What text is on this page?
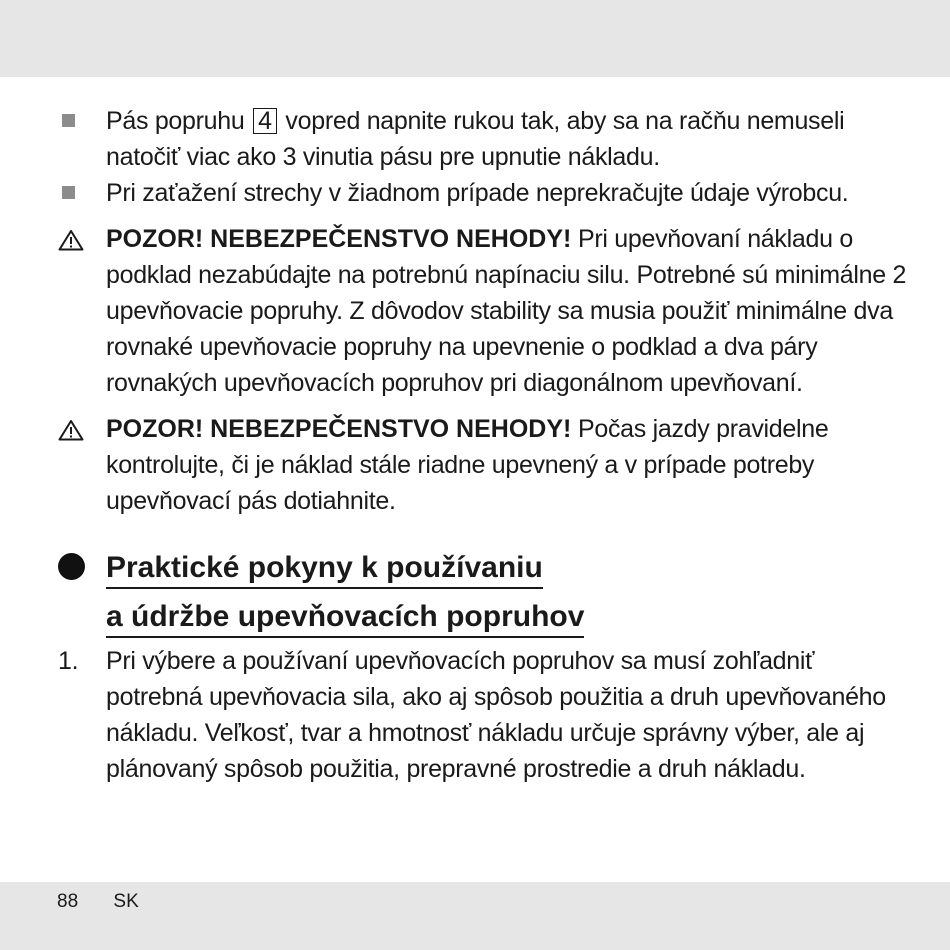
Pás popruhu 4 vopred napnite rukou tak, aby sa na račňu nemuseli natočiť viac ako 3 vinutia pásu pre upnutie nákladu.
Pri zaťažení strechy v žiadnom prípade neprekračujte údaje výrobcu.
POZOR! NEBEZPEČENSTVO NEHODY! Pri upevňovaní nákladu o podklad nezabúdajte na potrebnú napínaciu silu. Potrebné sú minimálne 2 upevňovacie popruhy. Z dôvodov stability sa musia použiť minimálne dva rovnaké upevňovacie popruhy na upevnenie o podklad a dva páry rovnakých upevňovacích popruhov pri diagonálnom upevňovaní.
POZOR! NEBEZPEČENSTVO NEHODY! Počas jazdy pravidelne kontrolujte, či je náklad stále riadne upevnený a v prípade potreby upevňovací pás dotiahnite.
Praktické pokyny k používaniu
a údržbe upevňovacích popruhov
1. Pri výbere a používaní upevňovacích popruhov sa musí zohľadniť potrebná upevňovacia sila, ako aj spôsob použitia a druh upevňovaného nákladu. Veľkosť, tvar a hmotnosť nákladu určuje správny výber, ale aj plánovaný spôsob použitia, prepravné prostredie a druh nákladu.
88 SK
